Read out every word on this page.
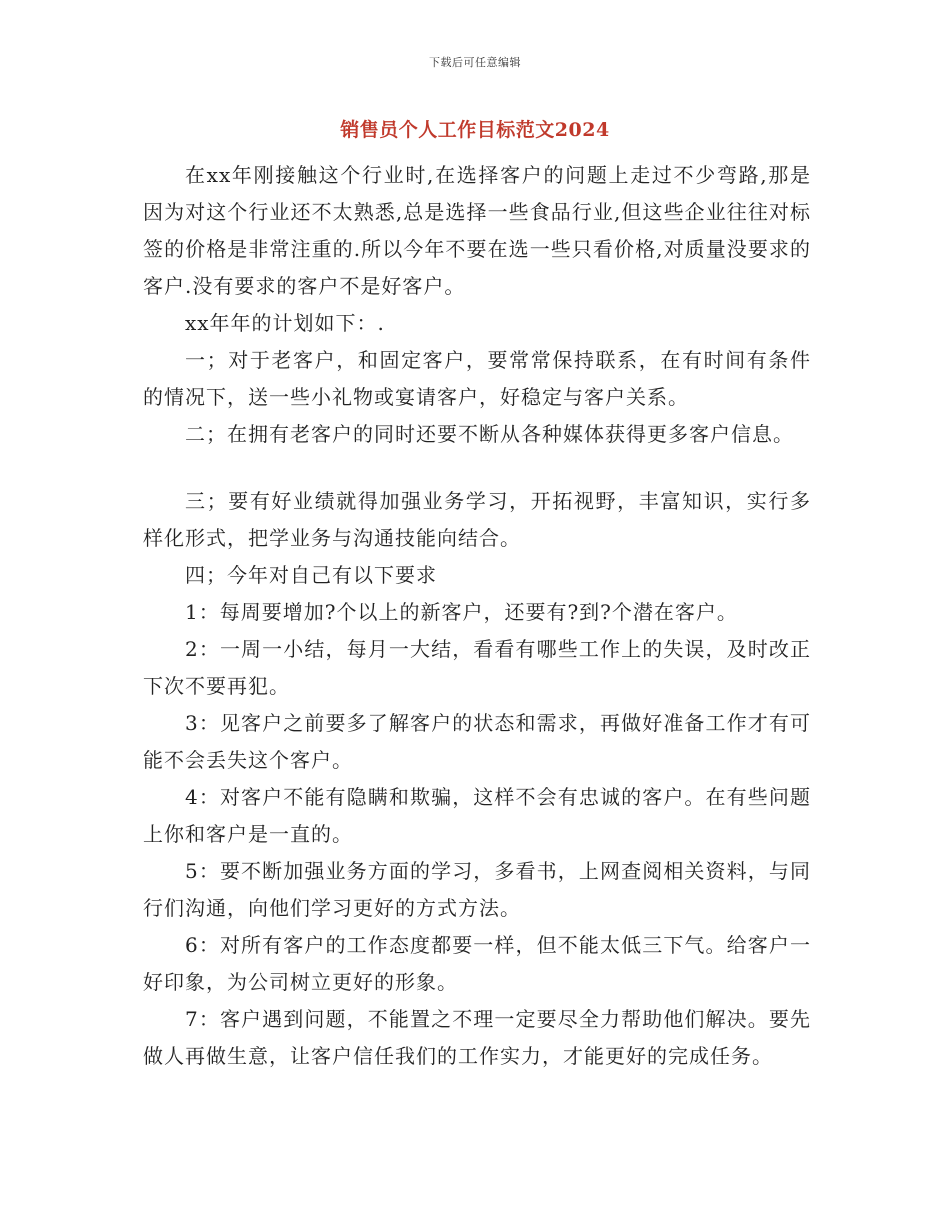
下载后可任意编辑
销售员个人工作目标范文2024

在xx年刚接触这个行业时,在选择客户的问题上走过不少弯路,那是因为对这个行业还不太熟悉,总是选择一些食品行业,但这些企业往往对标签的价格是非常注重的.所以今年不要在选一些只看价格,对质量没要求的客户.没有要求的客户不是好客户。

xx年年的计划如下：.

一；对于老客户，和固定客户，要常常保持联系，在有时间有条件的情况下，送一些小礼物或宴请客户，好稳定与客户关系。

二；在拥有老客户的同时还要不断从各种媒体获得更多客户信息。

三；要有好业绩就得加强业务学习，开拓视野，丰富知识，实行多样化形式，把学业务与沟通技能向结合。

四；今年对自己有以下要求

1：每周要增加?个以上的新客户，还要有?到?个潜在客户。

2：一周一小结，每月一大结，看看有哪些工作上的失误，及时改正下次不要再犯。

3：见客户之前要多了解客户的状态和需求，再做好准备工作才有可能不会丢失这个客户。

4：对客户不能有隐瞒和欺骗，这样不会有忠诚的客户。在有些问题上你和客户是一直的。

5：要不断加强业务方面的学习，多看书，上网查阅相关资料，与同行们沟通，向他们学习更好的方式方法。

6：对所有客户的工作态度都要一样，但不能太低三下气。给客户一好印象，为公司树立更好的形象。

7：客户遇到问题，不能置之不理一定要尽全力帮助他们解决。要先做人再做生意，让客户信任我们的工作实力，才能更好的完成任务。
